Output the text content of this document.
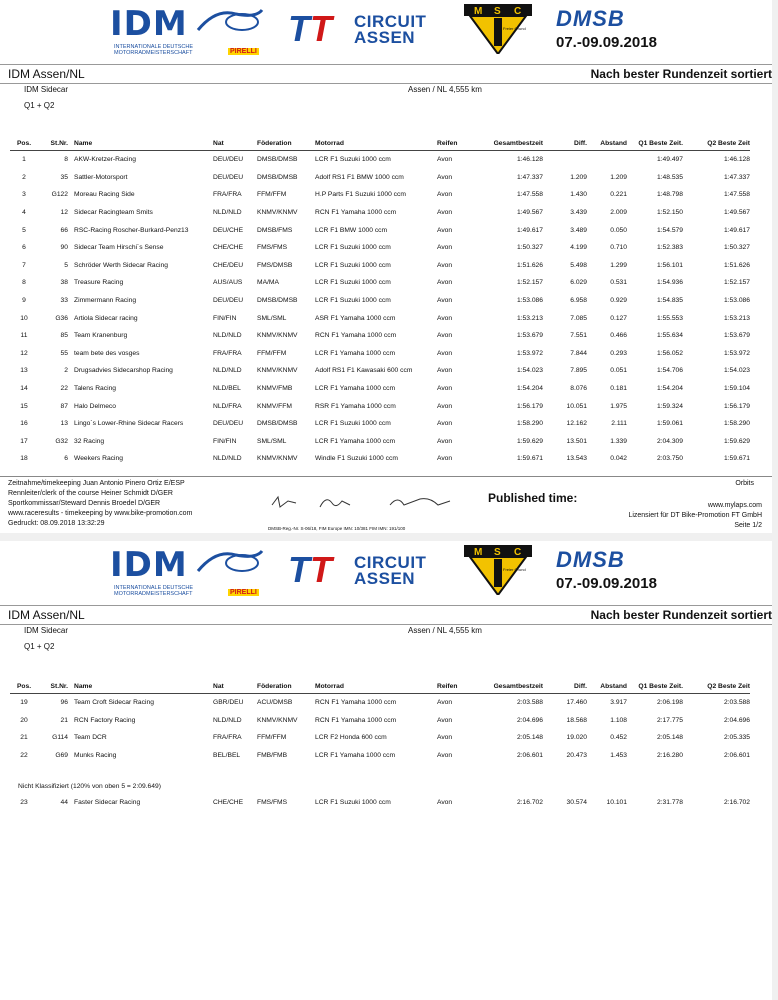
IDM
INTERNATIONALE DEUTSCHE MOTORRADMEISTERSCHAFT	PIRELLI
TT CIRCUIT
ASSEN
M S C
Freier Grund DMSB
07.-09.09.2018
IDM Assen/NL	Nach bester Rundenzeit sortiert
IDM Sidecar	Assen / NL 4,555 km
Q1 + Q2
Pos.	St.Nr.	Name	Nat	Föderation	Motorrad	Reifen	Gesamtbestzeit	Diff.	Abstand	Q1 Beste Zeit.	Q2 Beste Zeit
1	8	AKW-Kretzer-Racing	DEU/DEU	DMSB/DMSB	LCR F1 Suzuki 1000 ccm	Avon	1:46.128			1:49.497	1:46.128
2	35	Sattler-Motorsport	DEU/DEU	DMSB/DMSB	Adolf RS1 F1 BMW 1000 ccm	Avon	1:47.337	1.209	1.209	1:48.535	1:47.337
3	G122	Moreau Racing Side	FRA/FRA	FFM/FFM	H.P Parts F1 Suzuki 1000 ccm	Avon	1:47.558	1.430	0.221	1:48.798	1:47.558
4	12	Sidecar Racingteam Smits	NLD/NLD	KNMV/KNMV	RCN F1 Yamaha 1000 ccm	Avon	1:49.567	3.439	2.009	1:52.150	1:49.567
5	66	RSC-Racing Roscher-Burkard-Penz13	DEU/CHE	DMSB/FMS	LCR F1 BMW 1000 ccm	Avon	1:49.617	3.489	0.050	1:54.579	1:49.617
6	90	Sidecar Team Hirschi´s Sense	CHE/CHE	FMS/FMS	LCR F1 Suzuki 1000 ccm	Avon	1:50.327	4.199	0.710	1:52.383	1:50.327
7	5	Schröder Werth Sidecar Racing	CHE/DEU	FMS/DMSB	LCR F1 Suzuki 1000 ccm	Avon	1:51.626	5.498	1.299	1:56.101	1:51.626
8	38	Treasure Racing	AUS/AUS	MA/MA	LCR F1 Suzuki 1000 ccm	Avon	1:52.157	6.029	0.531	1:54.936	1:52.157
9	33	Zimmermann Racing	DEU/DEU	DMSB/DMSB	LCR F1 Suzuki 1000 ccm	Avon	1:53.086	6.958	0.929	1:54.835	1:53.086
10	G36	Artiola Sidecar racing	FIN/FIN	SML/SML	ASR F1 Yamaha 1000 ccm	Avon	1:53.213	7.085	0.127	1:55.553	1:53.213
11	85	Team Kranenburg	NLD/NLD	KNMV/KNMV	RCN F1 Yamaha 1000 ccm	Avon	1:53.679	7.551	0.466	1:55.634	1:53.679
12	55	team bete des vosges	FRA/FRA	FFM/FFM	LCR F1 Yamaha 1000 ccm	Avon	1:53.972	7.844	0.293	1:56.052	1:53.972
13	2	Drugsadvies Sidecarshop Racing	NLD/NLD	KNMV/KNMV	Adolf RS1 F1 Kawasaki 600 ccm	Avon	1:54.023	7.895	0.051	1:54.706	1:54.023
14	22	Talens Racing	NLD/BEL	KNMV/FMB	LCR F1 Yamaha 1000 ccm	Avon	1:54.204	8.076	0.181	1:54.204	1:59.104
15	87	Halo Delmeco	NLD/FRA	KNMV/FFM	RSR F1 Yamaha 1000 ccm	Avon	1:56.179	10.051	1.975	1:59.324	1:56.179
16	13	Lingo´s Lower-Rhine Sidecar Racers	DEU/DEU	DMSB/DMSB	LCR F1 Suzuki 1000 ccm	Avon	1:58.290	12.162	2.111	1:59.061	1:58.290
17	G32	32 Racing	FIN/FIN	SML/SML	LCR F1 Yamaha 1000 ccm	Avon	1:59.629	13.501	1.339	2:04.309	1:59.629
18	6	Weekers Racing	NLD/NLD	KNMV/KNMV	Windle F1 Suzuki 1000 ccm	Avon	1:59.671	13.543	0.042	2:03.750	1:59.671
Zeitnahme/timekeeping Juan Antonio Pinero Ortiz E/ESP
Rennleiter/clerk of the course Heiner Schmidt D/GER
Sportkommissar/Steward Dennis Broedel D/GER
www.raceresults - timekeeping by www.bike-promotion.com
Gedruckt: 08.09.2018 13:32:29
Orbits
Published time:
www.mylaps.com
Lizensiert für DT Bike-Promotion FT GmbH
Seite 1/2
DMSB-Reg.-Nr. S-06/18, FIM Europe IMN: 10/381 FIM IMN: 191/100
IDM
INTERNATIONALE DEUTSCHE MOTORRADMEISTERSCHAFT	PIRELLI
TT CIRCUIT
ASSEN
M S C
Freier Grund DMSB
07.-09.09.2018
IDM Assen/NL	Nach bester Rundenzeit sortiert
IDM Sidecar	Assen / NL 4,555 km
Q1 + Q2
Pos.	St.Nr.	Name	Nat	Föderation	Motorrad	Reifen	Gesamtbestzeit	Diff.	Abstand	Q1 Beste Zeit.	Q2 Beste Zeit
19	96	Team Croft Sidecar Racing	GBR/DEU	ACU/DMSB	RCN F1 Yamaha 1000 ccm	Avon	2:03.588	17.460	3.917	2:06.198	2:03.588
20	21	RCN Factory Racing	NLD/NLD	KNMV/KNMV	RCN F1 Yamaha 1000 ccm	Avon	2:04.696	18.568	1.108	2:17.775	2:04.696
21	G114	Team DCR	FRA/FRA	FFM/FFM	LCR F2 Honda 600 ccm	Avon	2:05.148	19.020	0.452	2:05.148	2:05.335
22	G69	Munks Racing	BEL/BEL	FMB/FMB	LCR F1 Yamaha 1000 ccm	Avon	2:06.601	20.473	1.453	2:16.280	2:06.601
Nicht Klassifiziert (120% von oben 5 = 2:09.649)
23	44	Faster Sidecar Racing	CHE/CHE	FMS/FMS	LCR F1 Suzuki 1000 ccm	Avon	2:16.702	30.574	10.101	2:31.778	2:16.702
